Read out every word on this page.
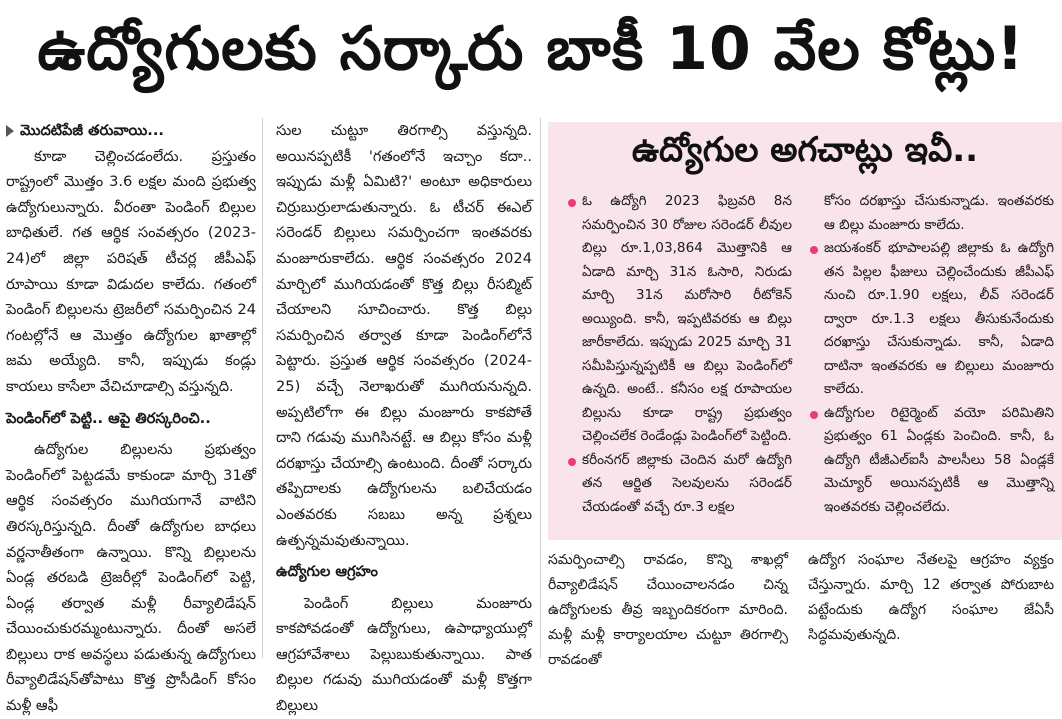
ఉద్యోగులకు సర్కారు బాకీ 10 వేల కోట్లు!
మొదటిపేజీ తరువాయి...

కూడా చెల్లించడంలేదు. ప్రస్తుతం రాష్ట్రంలో మొత్తం 3.6 లక్షల మంది ప్రభుత్వ ఉద్యోగులున్నారు. వీరంతా పెండింగ్ బిల్లుల బాధితులే. గత ఆర్థిక సంవత్సరం (2023-24)లో జిల్లా పరిషత్ టీచర్ల జీపీఎఫ్ రూపాయి కూడా విడుదల కాలేదు. గతంలో పెండింగ్ బిల్లులను ట్రెజరీలో సమర్పించిన 24 గంటల్లోనే ఆ మొత్తం ఉద్యోగుల ఖాతాల్లో జమ అయ్యేది. కానీ, ఇప్పుడు కండ్లు కాయలు కాసేలా వేచిచూడాల్సి వస్తున్నది.

పెండింగ్‌లో పెట్టి.. ఆపై తిరస్కరించి..

ఉద్యోగుల బిల్లులను ప్రభుత్వం పెండింగ్‌లో పెట్టడమే కాకుండా మార్చి 31తో ఆర్థిక సంవత్సరం ముగియగానే వాటిని తిరస్కరిస్తున్నది. దీంతో ఉద్యోగుల బాధలు వర్ణనాతీతంగా ఉన్నాయి. కొన్ని బిల్లులను ఏండ్ల తరబడి ట్రెజరీల్లో పెండింగ్‌లో పెట్టి, ఏండ్ల తర్వాత మళ్లీ రీవ్యాలిడేషన్ చేయించుకురమ్మంటున్నారు. దీంతో అసలే బిల్లులు రాక అవస్థలు పడుతున్న ఉద్యోగులు రీవ్యాలిడేషన్‌తోపాటు కొత్త ప్రొసీడింగ్ కోసం మళ్లీ ఆఫీ

సుల చుట్టూ తిరగాల్సి వస్తున్నది. అయినప్పటికీ 'గతంలోనే ఇచ్చాం కదా.. ఇప్పుడు మళ్లీ ఏమిటి?' అంటూ అధికారులు చిర్రుబుర్రులాడుతున్నారు. ఓ టీచర్ ఈఎల్ సరెండర్ బిల్లులు సమర్పించగా ఇంతవరకు మంజూరుకాలేదు. ఆర్థిక సంవత్సరం 2024 మార్చిలో ముగియడంతో కొత్త బిల్లు రీసబ్మిట్ చేయాలని సూచించారు. కొత్త బిల్లు సమర్పించిన తర్వాత కూడా పెండింగ్‌లోనే పెట్టారు. ప్రస్తుత ఆర్థిక సంవత్సరం (2024-25) వచ్చే నెలాఖరుతో ముగియనున్నది. అప్పటిలోగా ఈ బిల్లు మంజూరు కాకపోతే దాని గడువు ముగిసినట్టే. ఆ బిల్లు కోసం మళ్లీ దరఖాస్తు చేయాల్సి ఉంటుంది. దీంతో సర్కారు తప్పిదాలకు ఉద్యోగులను బలిచేయడం ఎంతవరకు సబబు అన్న ప్రశ్నలు ఉత్పన్నమవుతున్నాయి.

ఉద్యోగుల ఆగ్రహం

పెండింగ్ బిల్లులు మంజూరు కాకపోవడంతో ఉద్యోగులు, ఉపాధ్యాయుల్లో ఆగ్రహావేశాలు పెల్లుబుకుతున్నాయి. పాత బిల్లుల గడువు ముగియడంతో మళ్లీ కొత్తగా బిల్లులు

ఉద్యోగుల అగచాట్లు ఇవీ..
ఓ ఉద్యోగి 2023 ఫిబ్రవరి 8న సమర్పించిన 30 రోజుల సరెండర్ లీవుల బిల్లు రూ.1,03,864 మొత్తానికి ఆ ఏడాది మార్చి 31న ఓసారి, నిరుడు మార్చి 31న మరోసారి రీటోకెన్ అయ్యింది. కానీ, ఇప్పటివరకు ఆ బిల్లు జారీకాలేదు. ఇప్పుడు 2025 మార్చి 31 సమీపిస్తున్నప్పటికీ ఆ బిల్లు పెండింగ్‌లో ఉన్నది. అంటే.. కనీసం లక్ష రూపాయల బిల్లును కూడా రాష్ట్ర ప్రభుత్వం చెల్లించలేక రెండేండ్లు పెండింగ్‌లో పెట్టింది.
కరీంనగర్ జిల్లాకు చెందిన మరో ఉద్యోగి తన ఆర్జిత సెలవులను సరెండర్ చేయడంతో వచ్చే రూ.3 లక్షల

కోసం దరఖాస్తు చేసుకున్నాడు. ఇంతవరకు ఆ బిల్లు మంజూరు కాలేదు.

జయశంకర్ భూపాలపల్లి జిల్లాకు ఓ ఉద్యోగి తన పిల్లల ఫీజులు చెల్లించేందుకు జీపీఎఫ్ నుంచి రూ.1.90 లక్షలు, లీవ్ సరెండర్ ద్వారా రూ.1.3 లక్షలు తీసుకునేందుకు దరఖాస్తు చేసుకున్నాడు. కానీ, ఏడాది దాటినా ఇంతవరకు ఆ బిల్లులు మంజూరు కాలేదు.
ఉద్యోగుల రిటైర్మెంట్ వయో పరిమితిని ప్రభుత్వం 61 ఏండ్లకు పెంచింది. కానీ, ఓ ఉద్యోగి టీజీఎల్ఐసీ పాలసీలు 58 ఏండ్లకే మెచ్యూర్ అయినప్పటికీ ఆ మొత్తాన్ని ఇంతవరకు చెల్లించలేదు.

సమర్పించాల్సి రావడం, కొన్ని శాఖల్లో రీవ్యాలిడేషన్ చేయించాలనడం చిన్న ఉద్యోగులకు తీవ్ర ఇబ్బందికరంగా మారింది. మళ్లీ మళ్లీ కార్యాలయాల చుట్టూ తిరగాల్సి రావడంతో

ఉద్యోగ సంఘాల నేతలపై ఆగ్రహం వ్యక్తం చేస్తున్నారు. మార్చి 12 తర్వాత పోరుబాట పట్టేందుకు ఉద్యోగ సంఘాల జేఏసీ సిద్ధమవుతున్నది.
